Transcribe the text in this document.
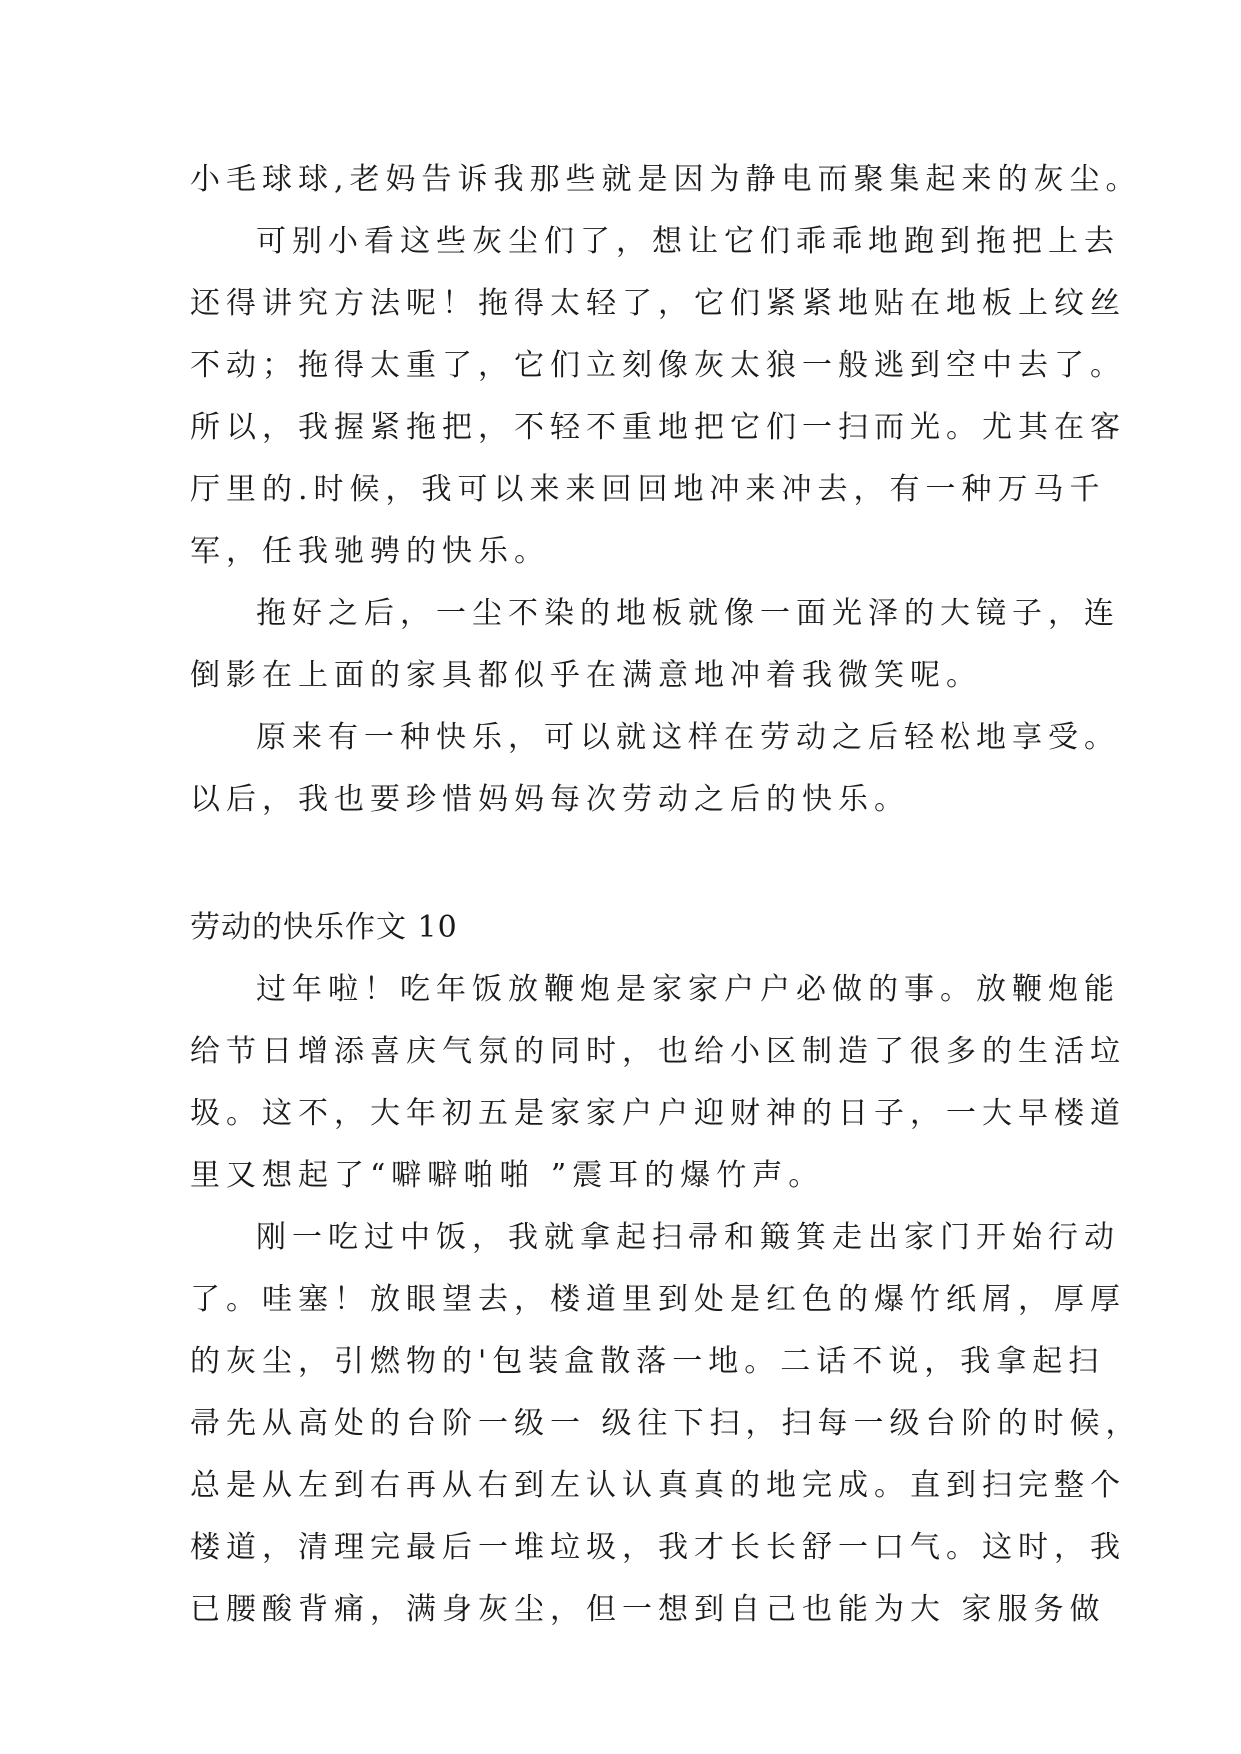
小毛球球,老妈告诉我那些就是因为静电而聚集起来的灰尘。
可别小看这些灰尘们了，想让它们乖乖地跑到拖把上去
还得讲究方法呢！拖得太轻了，它们紧紧地贴在地板上纹丝
不动；拖得太重了，它们立刻像灰太狼一般逃到空中去了。
所以，我握紧拖把，不轻不重地把它们一扫而光。尤其在客
厅里的.时候，我可以来来回回地冲来冲去，有一种万马千
军，任我驰骋的快乐。
拖好之后，一尘不染的地板就像一面光泽的大镜子，连
倒影在上面的家具都似乎在满意地冲着我微笑呢。
原来有一种快乐，可以就这样在劳动之后轻松地享受。
以后，我也要珍惜妈妈每次劳动之后的快乐。
劳动的快乐作文 10
过年啦！吃年饭放鞭炮是家家户户必做的事。放鞭炮能
给节日增添喜庆气氛的同时，也给小区制造了很多的生活垃
圾。这不，大年初五是家家户户迎财神的日子，一大早楼道
里又想起了“噼噼啪啪 ”震耳的爆竹声。
刚一吃过中饭，我就拿起扫帚和簸箕走出家门开始行动
了。哇塞！放眼望去，楼道里到处是红色的爆竹纸屑，厚厚
的灰尘，引燃物的'包装盒散落一地。二话不说，我拿起扫
帚先从高处的台阶一级一 级往下扫，扫每一级台阶的时候，
总是从左到右再从右到左认认真真的地完成。直到扫完整个
楼道，清理完最后一堆垃圾，我才长长舒一口气。这时，我
已腰酸背痛，满身灰尘，但一想到自己也能为大 家服务做
